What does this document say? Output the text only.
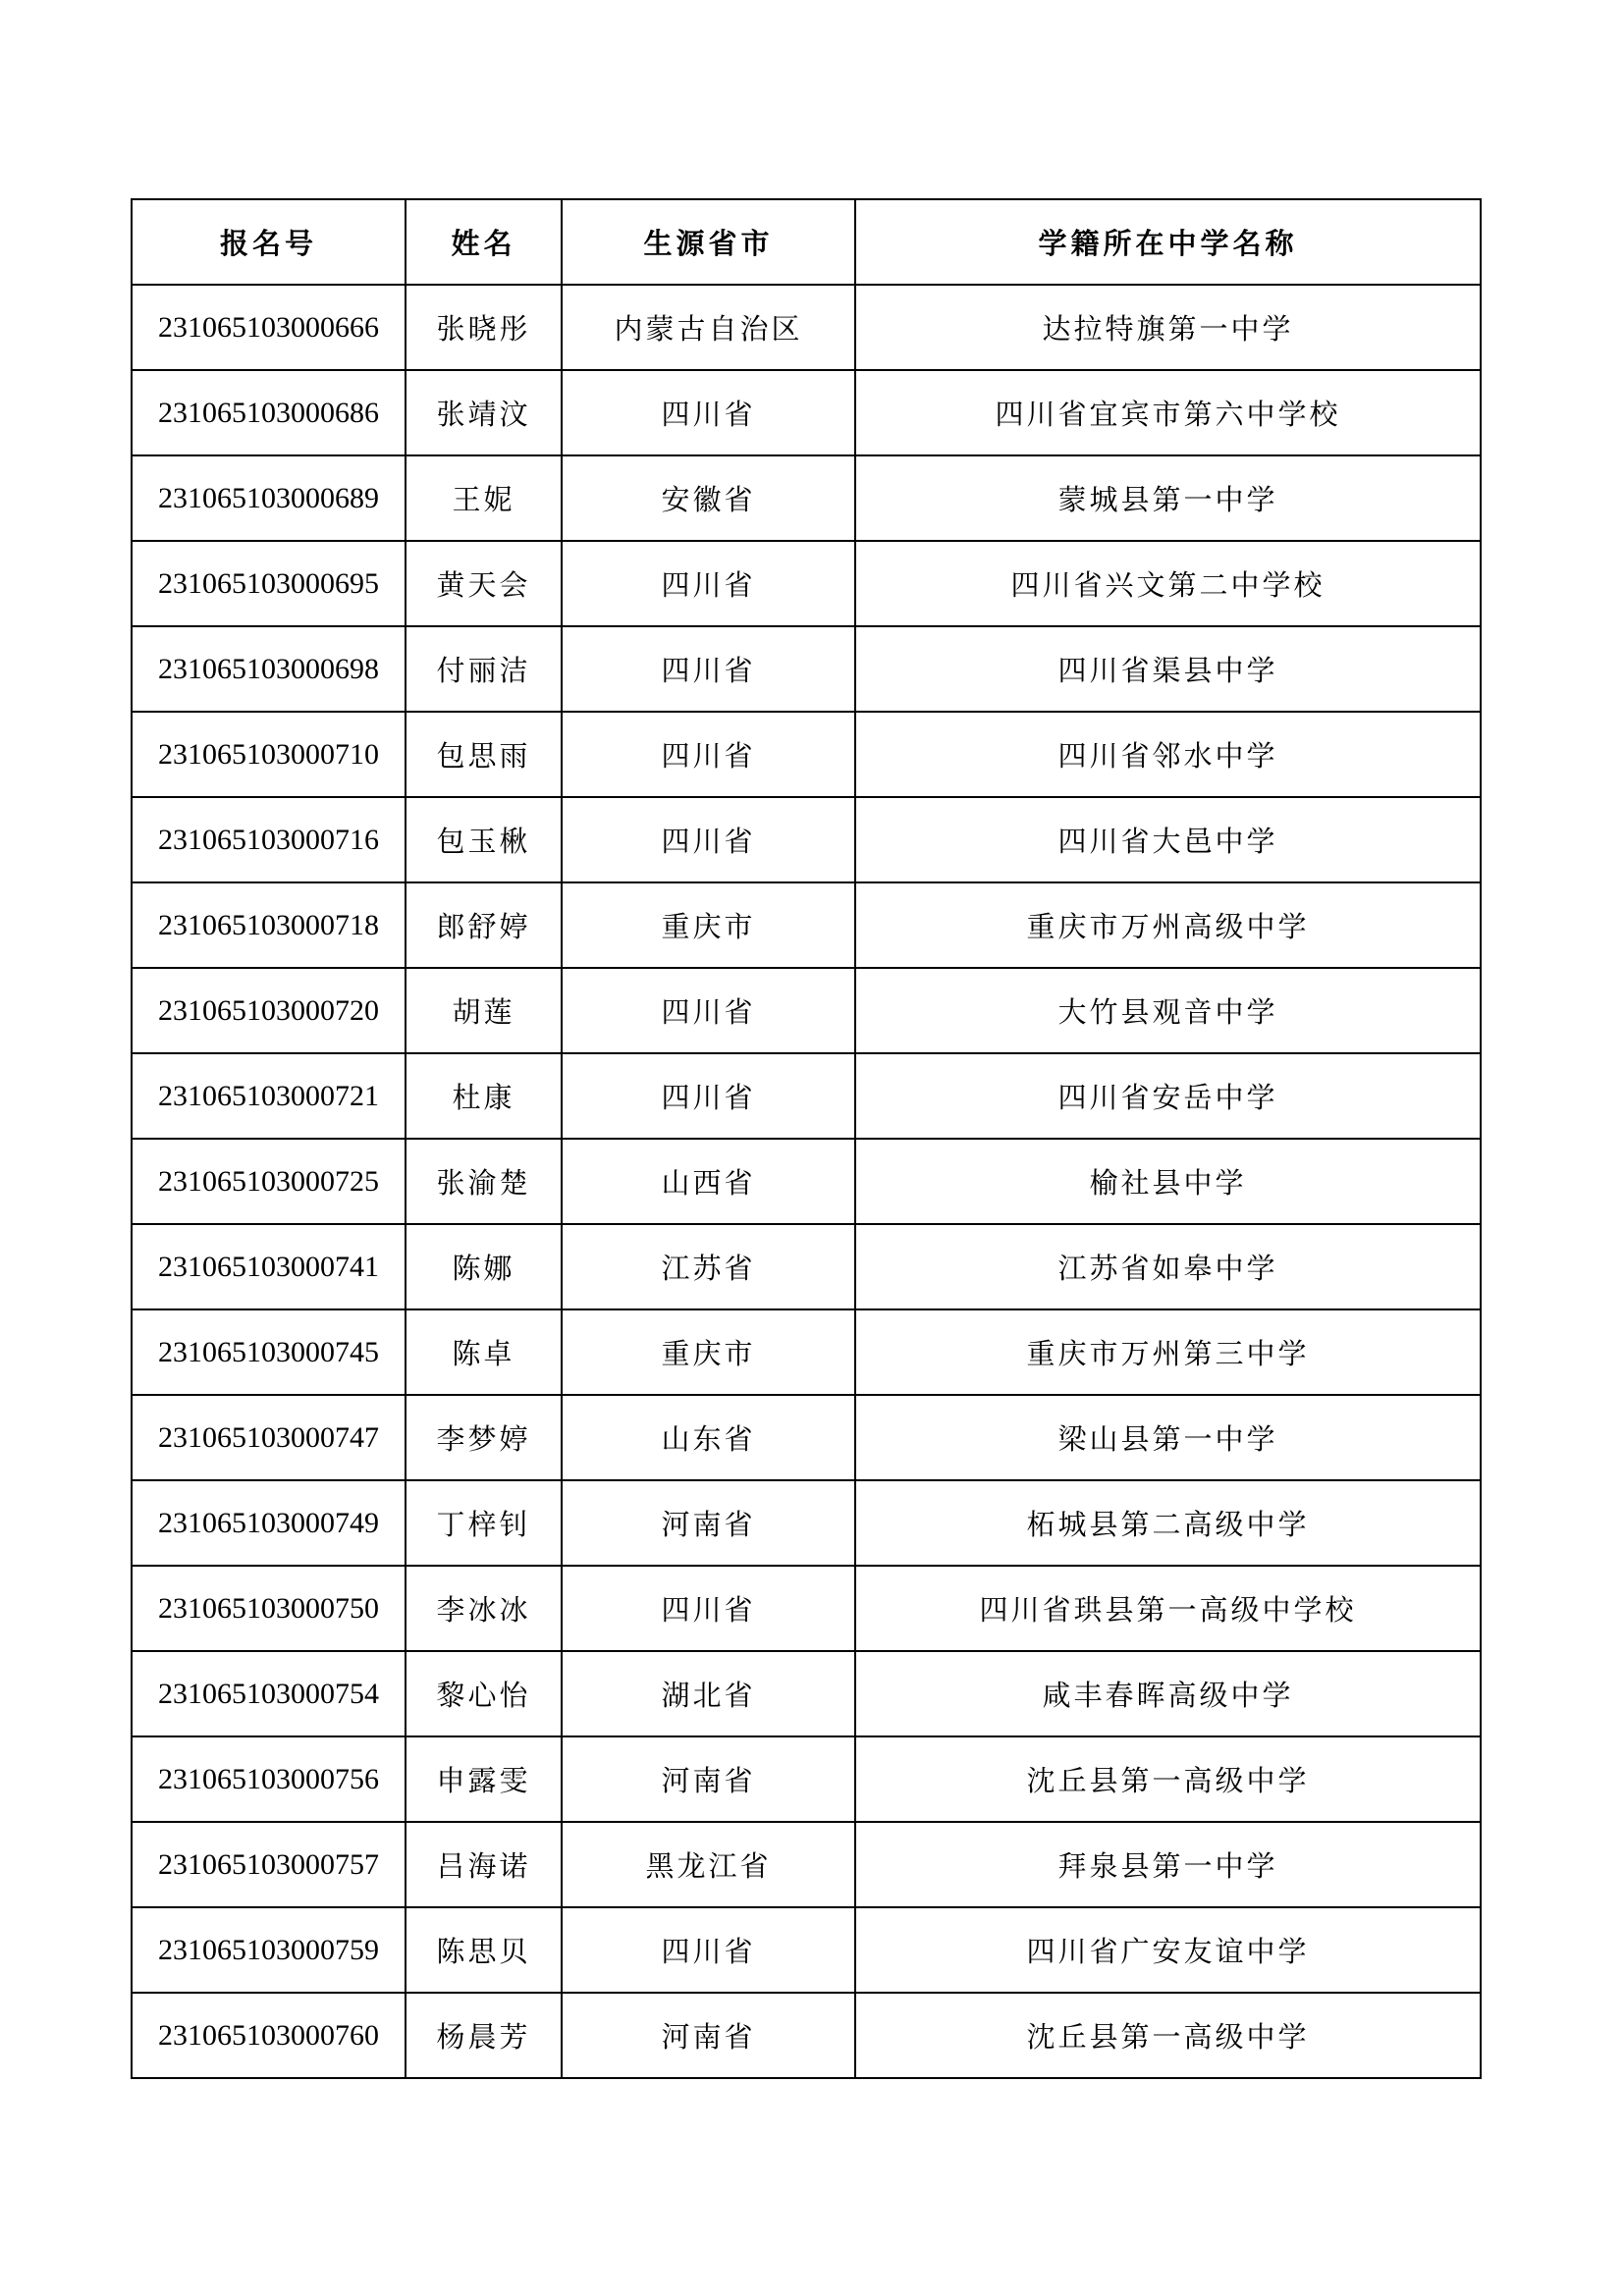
报名号	姓名	生源省市	学籍所在中学名称
231065103000666	张晓彤	内蒙古自治区	达拉特旗第一中学
231065103000686	张靖汶	四川省	四川省宜宾市第六中学校
231065103000689	王妮	安徽省	蒙城县第一中学
231065103000695	黄天会	四川省	四川省兴文第二中学校
231065103000698	付丽洁	四川省	四川省渠县中学
231065103000710	包思雨	四川省	四川省邻水中学
231065103000716	包玉楸	四川省	四川省大邑中学
231065103000718	郎舒婷	重庆市	重庆市万州高级中学
231065103000720	胡莲	四川省	大竹县观音中学
231065103000721	杜康	四川省	四川省安岳中学
231065103000725	张渝楚	山西省	榆社县中学
231065103000741	陈娜	江苏省	江苏省如皋中学
231065103000745	陈卓	重庆市	重庆市万州第三中学
231065103000747	李梦婷	山东省	梁山县第一中学
231065103000749	丁梓钊	河南省	柘城县第二高级中学
231065103000750	李冰冰	四川省	四川省珙县第一高级中学校
231065103000754	黎心怡	湖北省	咸丰春晖高级中学
231065103000756	申露雯	河南省	沈丘县第一高级中学
231065103000757	吕海诺	黑龙江省	拜泉县第一中学
231065103000759	陈思贝	四川省	四川省广安友谊中学
231065103000760	杨晨芳	河南省	沈丘县第一高级中学
